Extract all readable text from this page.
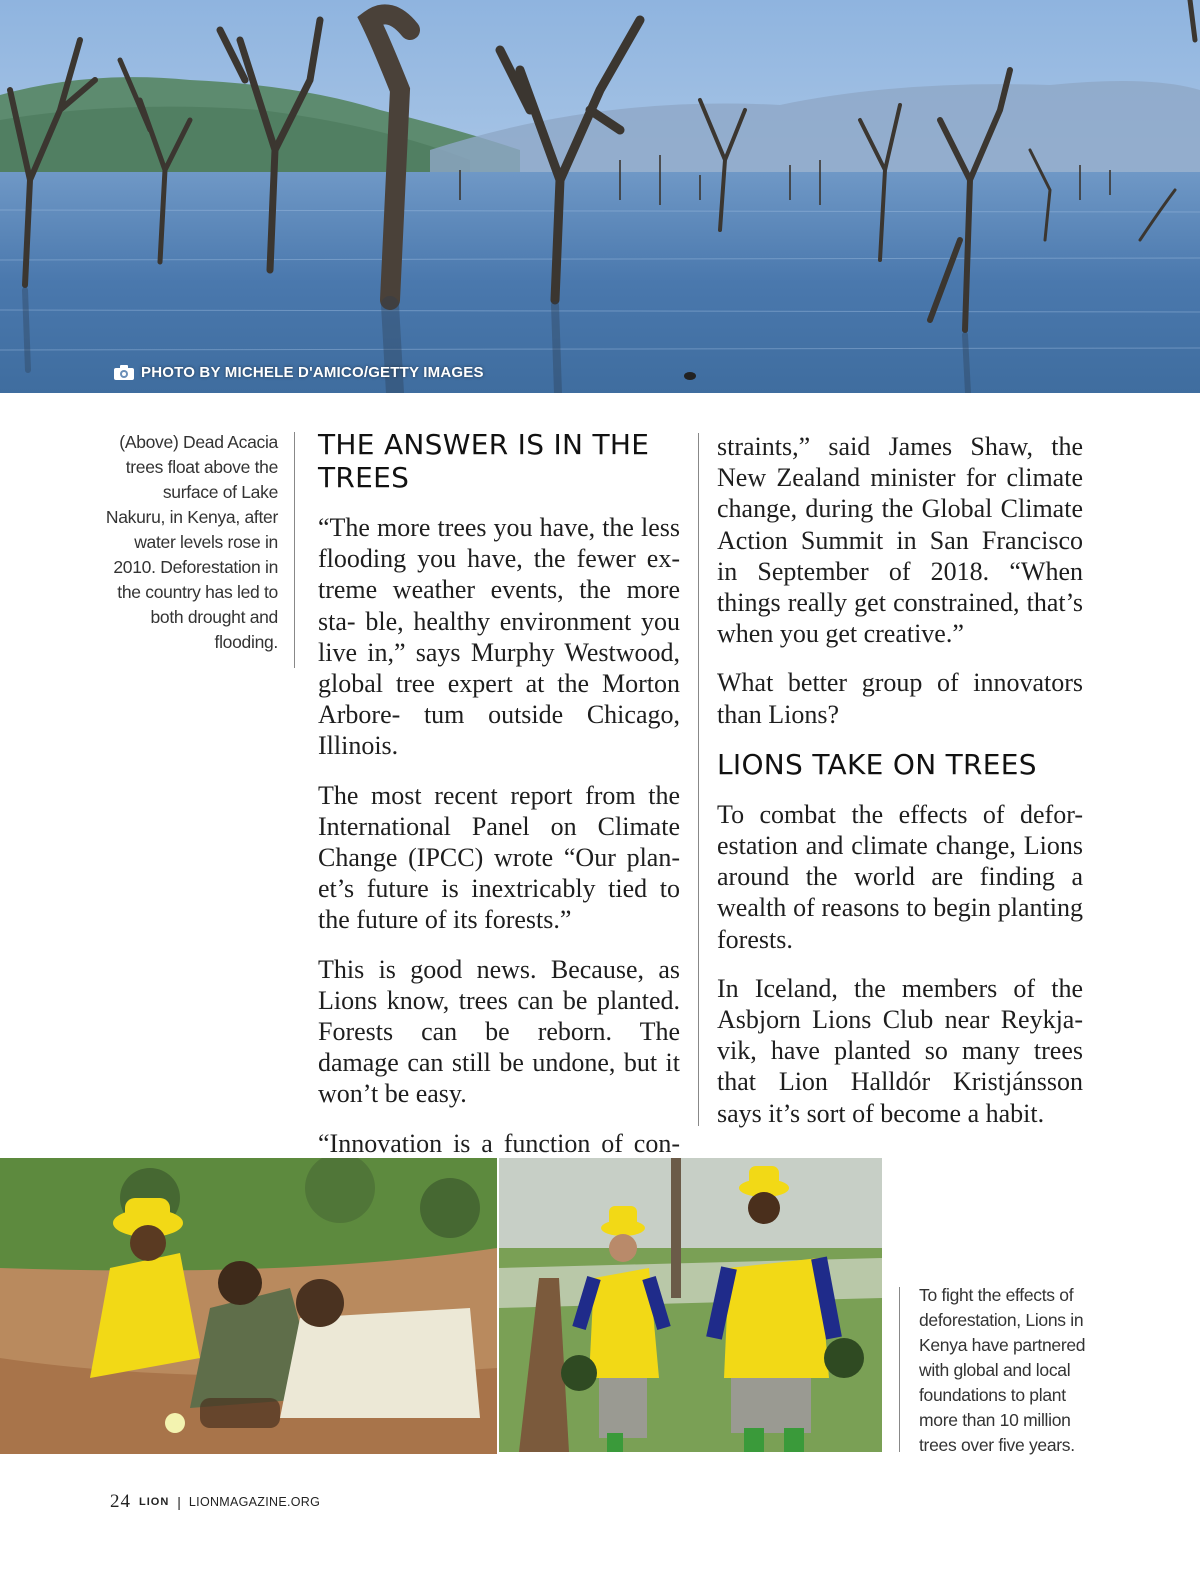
PHOTO BY MICHELE D'AMICO/GETTY IMAGES
(Above) Dead Acacia trees float above the surface of Lake Nakuru, in Kenya, after water levels rose in 2010. Deforestation in the country has led to both drought and flooding.
THE ANSWER IS IN THE TREES

“The more trees you have, the less flooding you have, the fewer ex- treme weather events, the more sta- ble, healthy environment you live in,” says Murphy Westwood, global tree expert at the Morton Arbore- tum outside Chicago, Illinois.

The most recent report from the International Panel on Climate Change (IPCC) wrote “Our plan- et’s future is inextricably tied to the future of its forests.”

This is good news. Because, as Lions know, trees can be planted. Forests can be reborn. The damage can still be undone, but it won’t be easy.

“Innovation is a function of con-

straints,” said James Shaw, the New Zealand minister for climate change, during the Global Climate Action Summit in San Francisco in September of 2018. “When things really get constrained, that’s when you get creative.”

What better group of innovators than Lions?

LIONS TAKE ON TREES

To combat the effects of defor- estation and climate change, Lions around the world are finding a wealth of reasons to begin planting forests.

In Iceland, the members of the Asbjorn Lions Club near Reykja- vik, have planted so many trees that Lion Halldór Kristjánsson says it’s sort of become a habit.

To fight the effects of deforestation, Lions in Kenya have partnered with global and local foundations to plant more than 10 million trees over five years.
24 LION | LIONMAGAZINE.ORG
